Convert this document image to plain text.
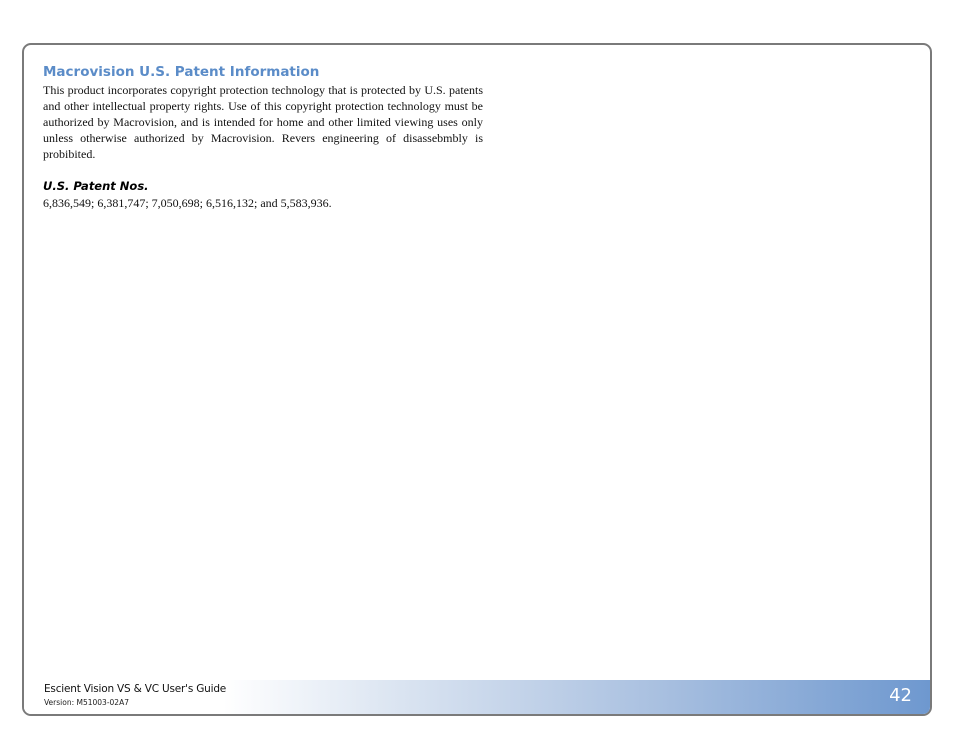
Macrovision U.S. Patent Information

This product incorporates copyright protection technology that is protected by U.S. patents and other intellectual property rights. Use of this copyright protection technology must be authorized by Macrovision, and is intended for home and other limited viewing uses only unless otherwise authorized by Macrovision. Revers engineering of disassebmbly is probibited.

U.S. Patent Nos.

6,836,549; 6,381,747; 7,050,698; 6,516,132; and 5,583,936.

Escient Vision VS & VC User's Guide
Version: M51003-02A7	42
